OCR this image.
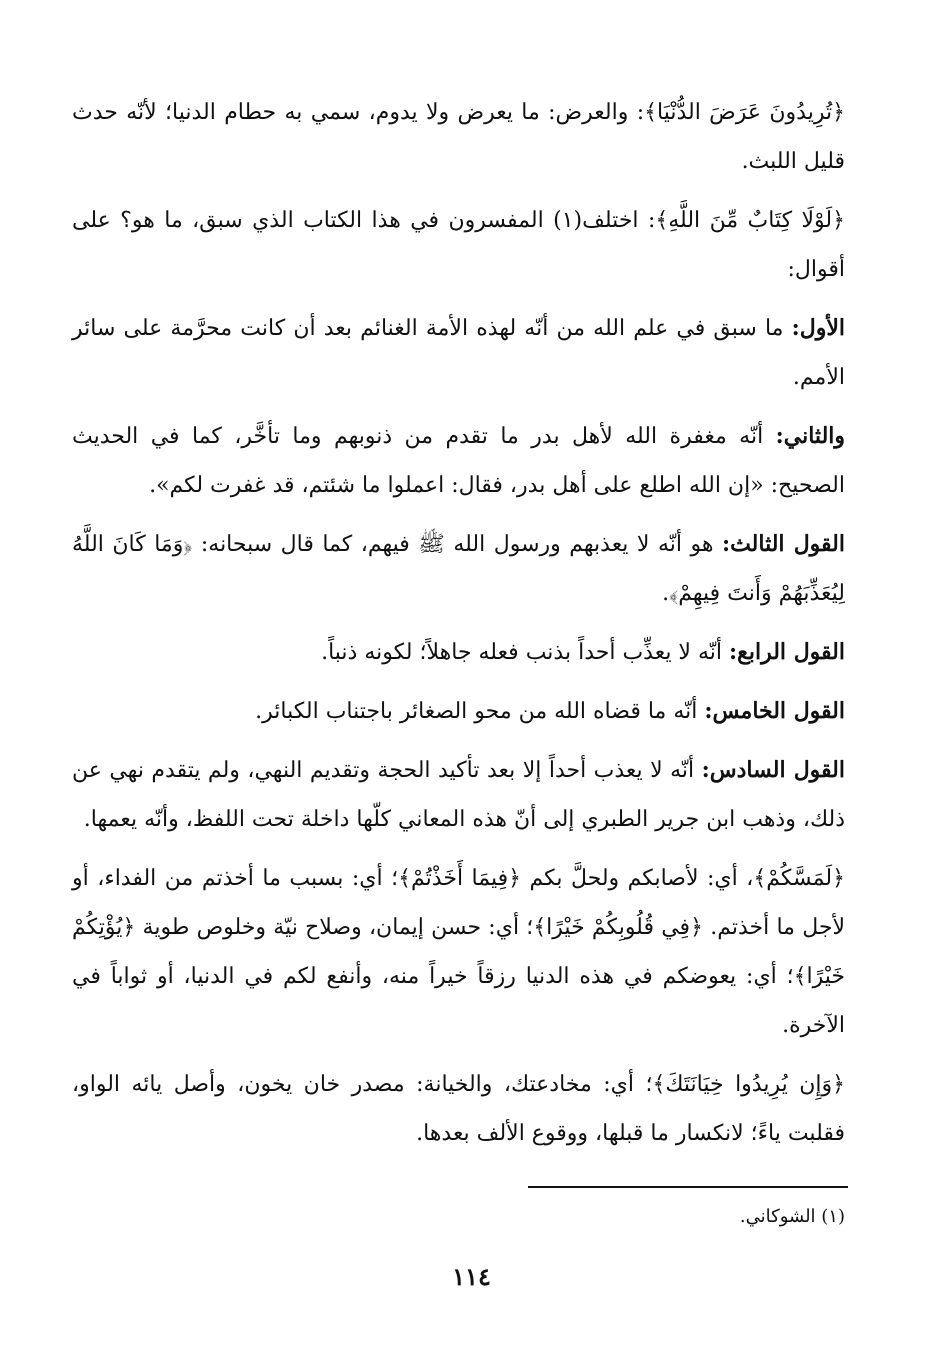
﴿تُرِيدُونَ عَرَضَ الدُّنْيَا﴾: والعرض: ما يعرض ولا يدوم، سمي به حطام الدنيا؛ لأنّه حدث قليل اللبث.

﴿لَوْلَا كِتَابٌ مِّنَ اللَّهِ﴾: اختلف(١) المفسرون في هذا الكتاب الذي سبق، ما هو؟ على أقوال:

الأول: ما سبق في علم الله من أنّه لهذه الأمة الغنائم بعد أن كانت محرَّمة على سائر الأمم.

والثاني: أنّه مغفرة الله لأهل بدر ما تقدم من ذنوبهم وما تأخَّر، كما في الحديث الصحيح: «إن الله اطلع على أهل بدر، فقال: اعملوا ما شئتم، قد غفرت لكم».

القول الثالث: هو أنّه لا يعذبهم ورسول الله ﷺ فيهم، كما قال سبحانه: ﴿وَمَا كَانَ اللَّهُ لِيُعَذِّبَهُمْ وَأَنتَ فِيهِمْ﴾.

القول الرابع: أنّه لا يعذِّب أحداً بذنب فعله جاهلاً؛ لكونه ذنباً.

القول الخامس: أنّه ما قضاه الله من محو الصغائر باجتناب الكبائر.

القول السادس: أنّه لا يعذب أحداً إلا بعد تأكيد الحجة وتقديم النهي، ولم يتقدم نهي عن ذلك، وذهب ابن جرير الطبري إلى أنّ هذه المعاني كلّها داخلة تحت اللفظ، وأنّه يعمها.

﴿لَمَسَّكُمْ﴾، أي: لأصابكم ولحلَّ بكم ﴿فِيمَا أَخَذْتُمْ﴾؛ أي: بسبب ما أخذتم من الفداء، أو لأجل ما أخذتم. ﴿فِي قُلُوبِكُمْ خَيْرًا﴾؛ أي: حسن إيمان، وصلاح نيّة وخلوص طوية ﴿يُؤْتِكُمْ خَيْرًا﴾؛ أي: يعوضكم في هذه الدنيا رزقاً خيراً منه، وأنفع لكم في الدنيا، أو ثواباً في الآخرة.

﴿وَإِن يُرِيدُوا خِيَانَتَكَ﴾؛ أي: مخادعتك، والخيانة: مصدر خان يخون، وأصل يائه الواو، فقلبت ياءً؛ لانكسار ما قبلها، ووقوع الألف بعدها.

(١) الشوكاني.
١١٤
